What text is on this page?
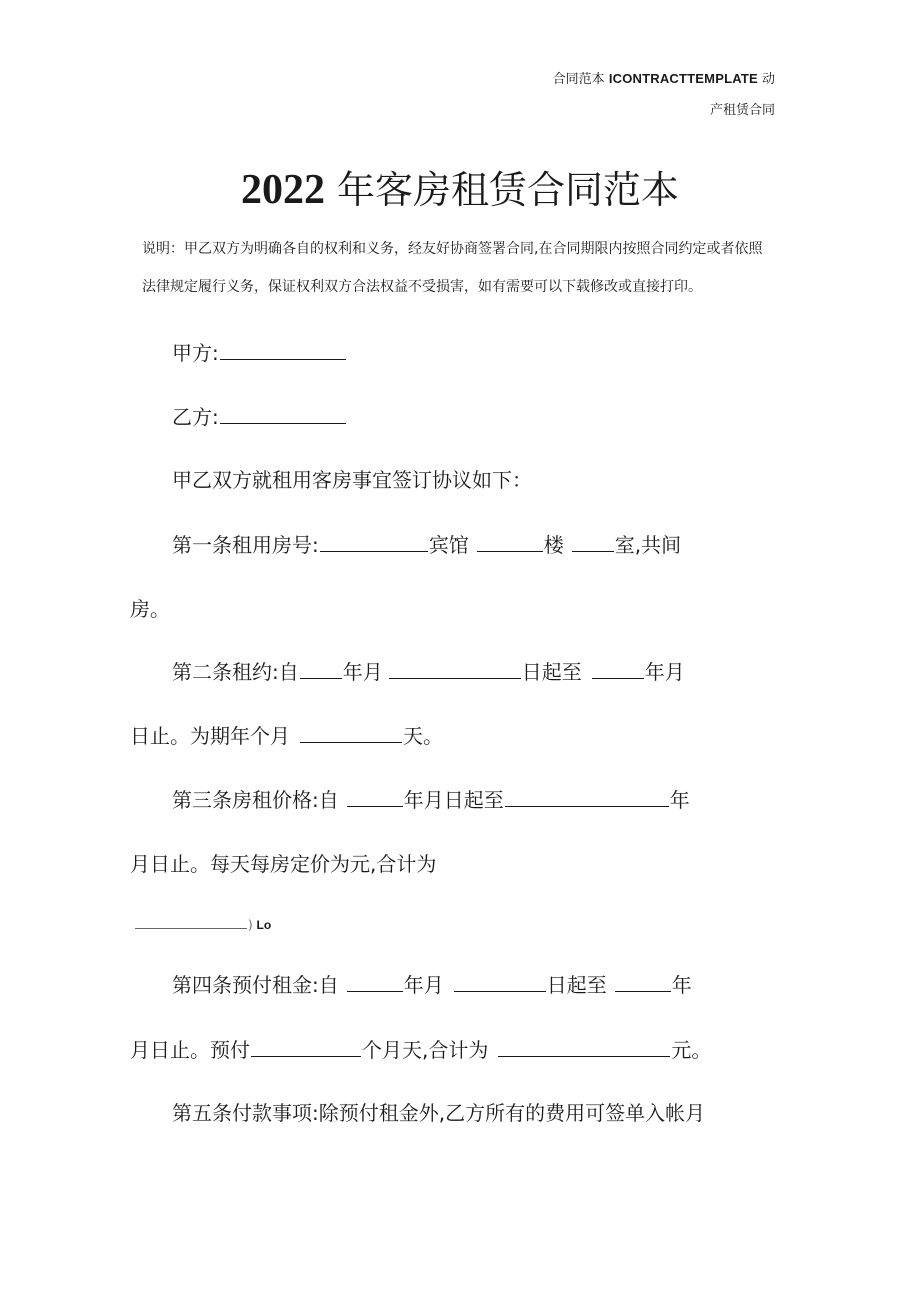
合同范本 ICONTRACTTEMPLATE 动
产租赁合同
2022 年客房租赁合同范本
说明：甲乙双方为明确各自的权利和义务，经友好协商签署合同,在合同期限内按照合同约定或者依照
法律规定履行义务，保证权利双方合法权益不受损害，如有需要可以下载修改或直接打印。
甲方:
乙方:
甲乙双方就租用客房事宜签订协议如下：
第一条租用房号:	宾馆	楼	室,共间
房。
第二条租约:自 年月	日起至	年月
日止。为期年个月	天。
第三条房租价格:自	年月日起至	年
月日止。每天每房定价为元,合计为
) Lo
第四条预付租金:自	年月	日起至	年
月日止。预付	个月天,合计为	元。
第五条付款事项:除预付租金外,乙方所有的费用可签单入帐月
